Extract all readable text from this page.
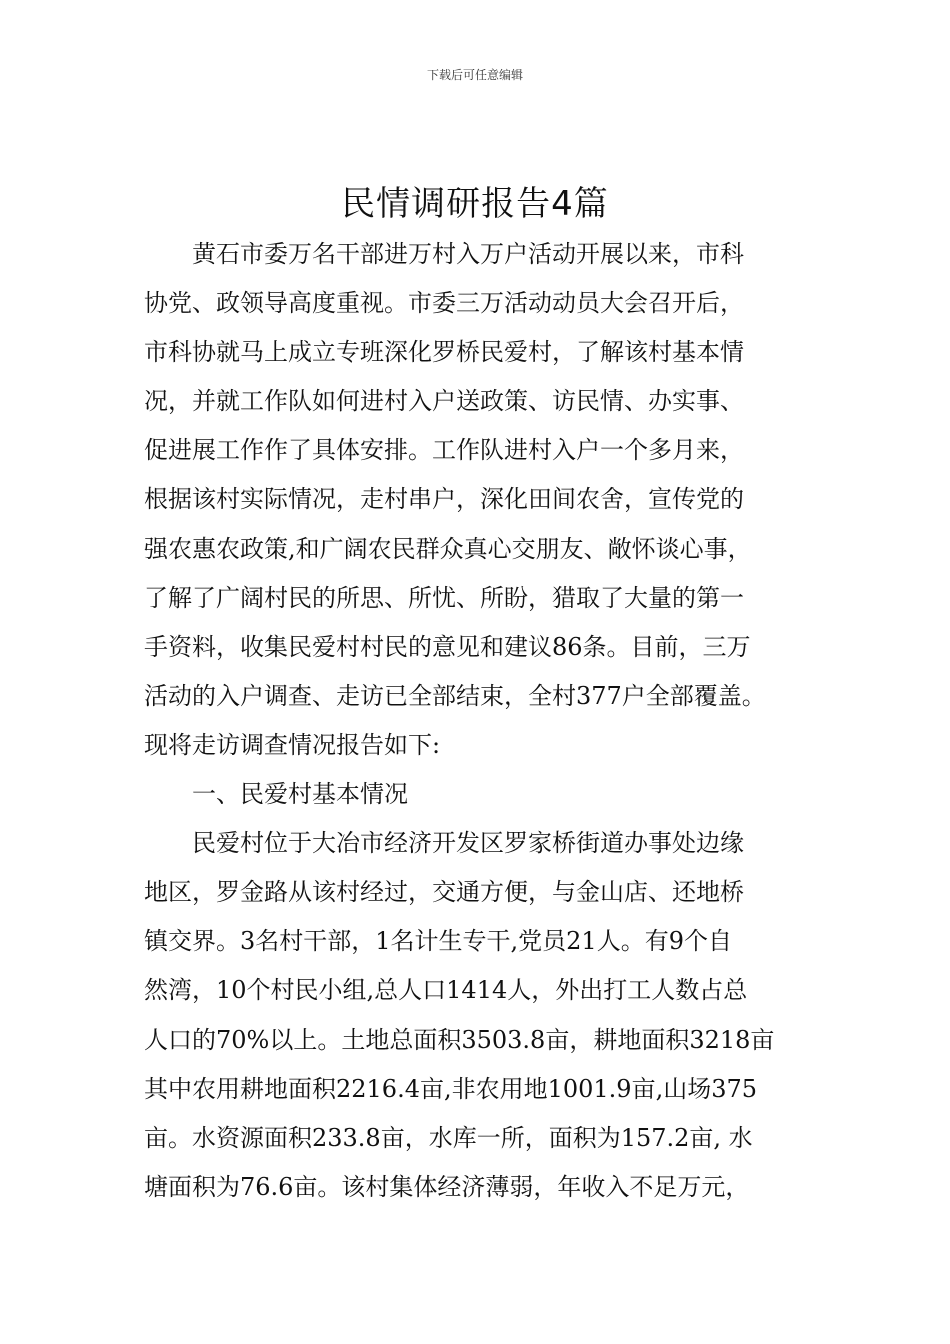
下载后可任意编辑
民情调研报告4篇
黄石市委万名干部进万村入万户活动开展以来，市科
协党、政领导高度重视。市委三万活动动员大会召开后，
市科协就马上成立专班深化罗桥民爱村，了解该村基本情
况，并就工作队如何进村入户送政策、访民情、办实事、
促进展工作作了具体安排。工作队进村入户一个多月来，
根据该村实际情况，走村串户，深化田间农舍，宣传党的
强农惠农政策,和广阔农民群众真心交朋友、敞怀谈心事，
了解了广阔村民的所思、所忧、所盼，猎取了大量的第一
手资料，收集民爱村村民的意见和建议86条。目前，三万
活动的入户调查、走访已全部结束，全村377户全部覆盖。
现将走访调查情况报告如下:
一、民爱村基本情况
民爱村位于大冶市经济开发区罗家桥街道办事处边缘
地区，罗金路从该村经过，交通方便，与金山店、还地桥
镇交界。3名村干部，1名计生专干,党员21人。有9个自
然湾，10个村民小组,总人口1414人，外出打工人数占总
人口的70%以上。土地总面积3503.8亩，耕地面积3218亩
其中农用耕地面积2216.4亩,非农用地1001.9亩,山场375
亩。水资源面积233.8亩，水库一所，面积为157.2亩, 水
塘面积为76.6亩。该村集体经济薄弱，年收入不足万元，
